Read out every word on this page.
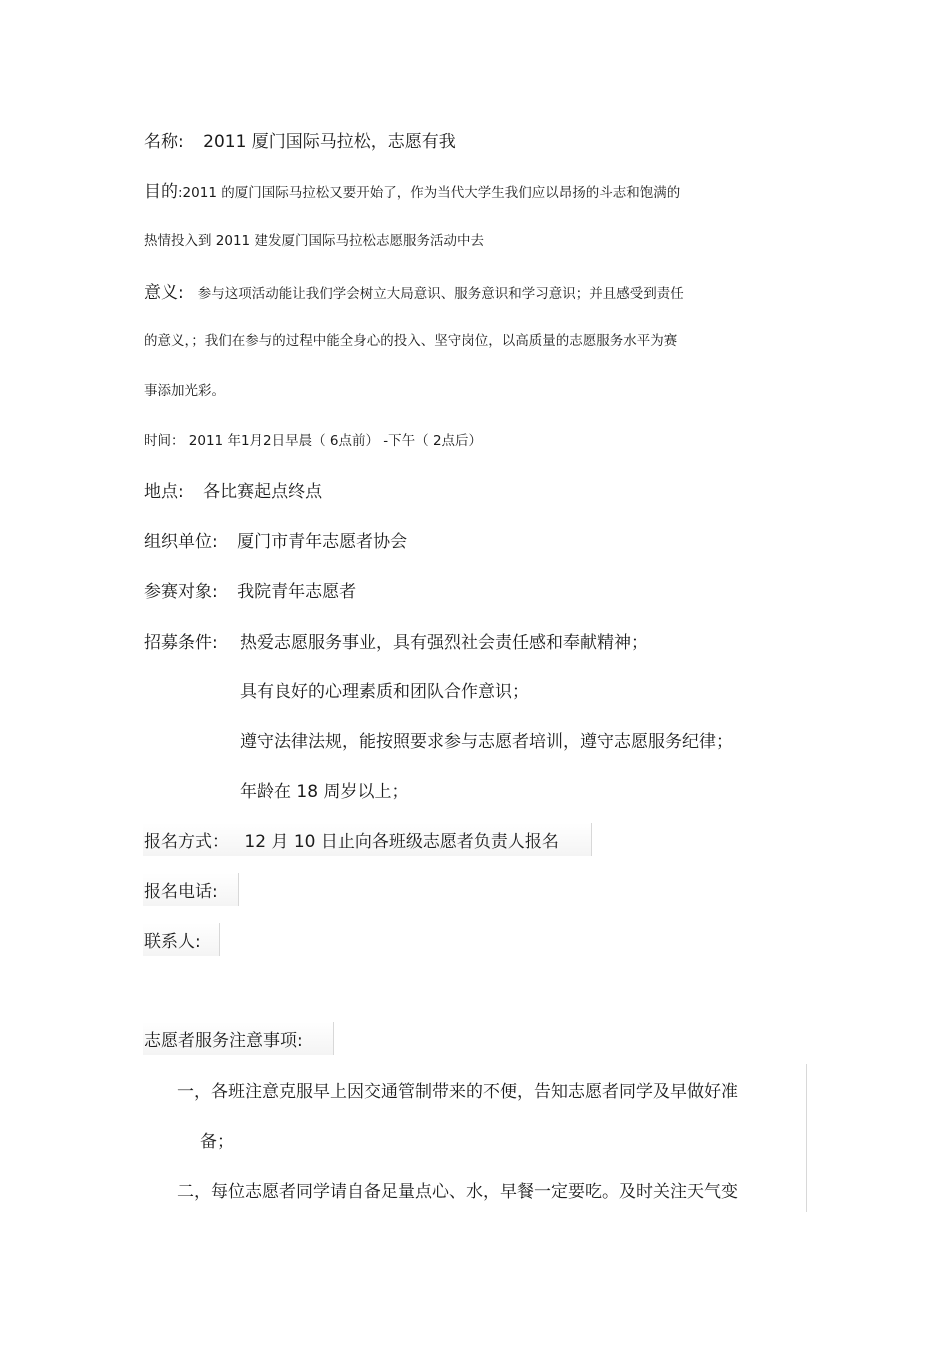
名称: 2011 厦门国际马拉松，志愿有我
目的:2011 的厦门国际马拉松又要开始了，作为当代大学生我们应以昂扬的斗志和饱满的
热情投入到 2011 建发厦门国际马拉松志愿服务活动中去
意义: 参与这项活动能让我们学会树立大局意识、服务意识和学习意识；并且感受到责任
的意义，；我们在参与的过程中能全身心的投入、坚守岗位，以高质量的志愿服务水平为赛
事添加光彩。
时间： 2011 年1月2日早晨（ 6点前） -下午（ 2点后）
地点: 各比赛起点终点
组织单位: 厦门市青年志愿者协会
参赛对象: 我院青年志愿者
招募条件: 热爱志愿服务事业，具有强烈社会责任感和奉献精神；
具有良好的心理素质和团队合作意识；
遵守法律法规，能按照要求参与志愿者培训，遵守志愿服务纪律；
年龄在 18 周岁以上；
报名方式： 12 月 10 日止向各班级志愿者负责人报名
报名电话:
联系人:
志愿者服务注意事项:
一，各班注意克服早上因交通管制带来的不便，告知志愿者同学及早做好准
备；
二，每位志愿者同学请自备足量点心、水，早餐一定要吃。及时关注天气变
